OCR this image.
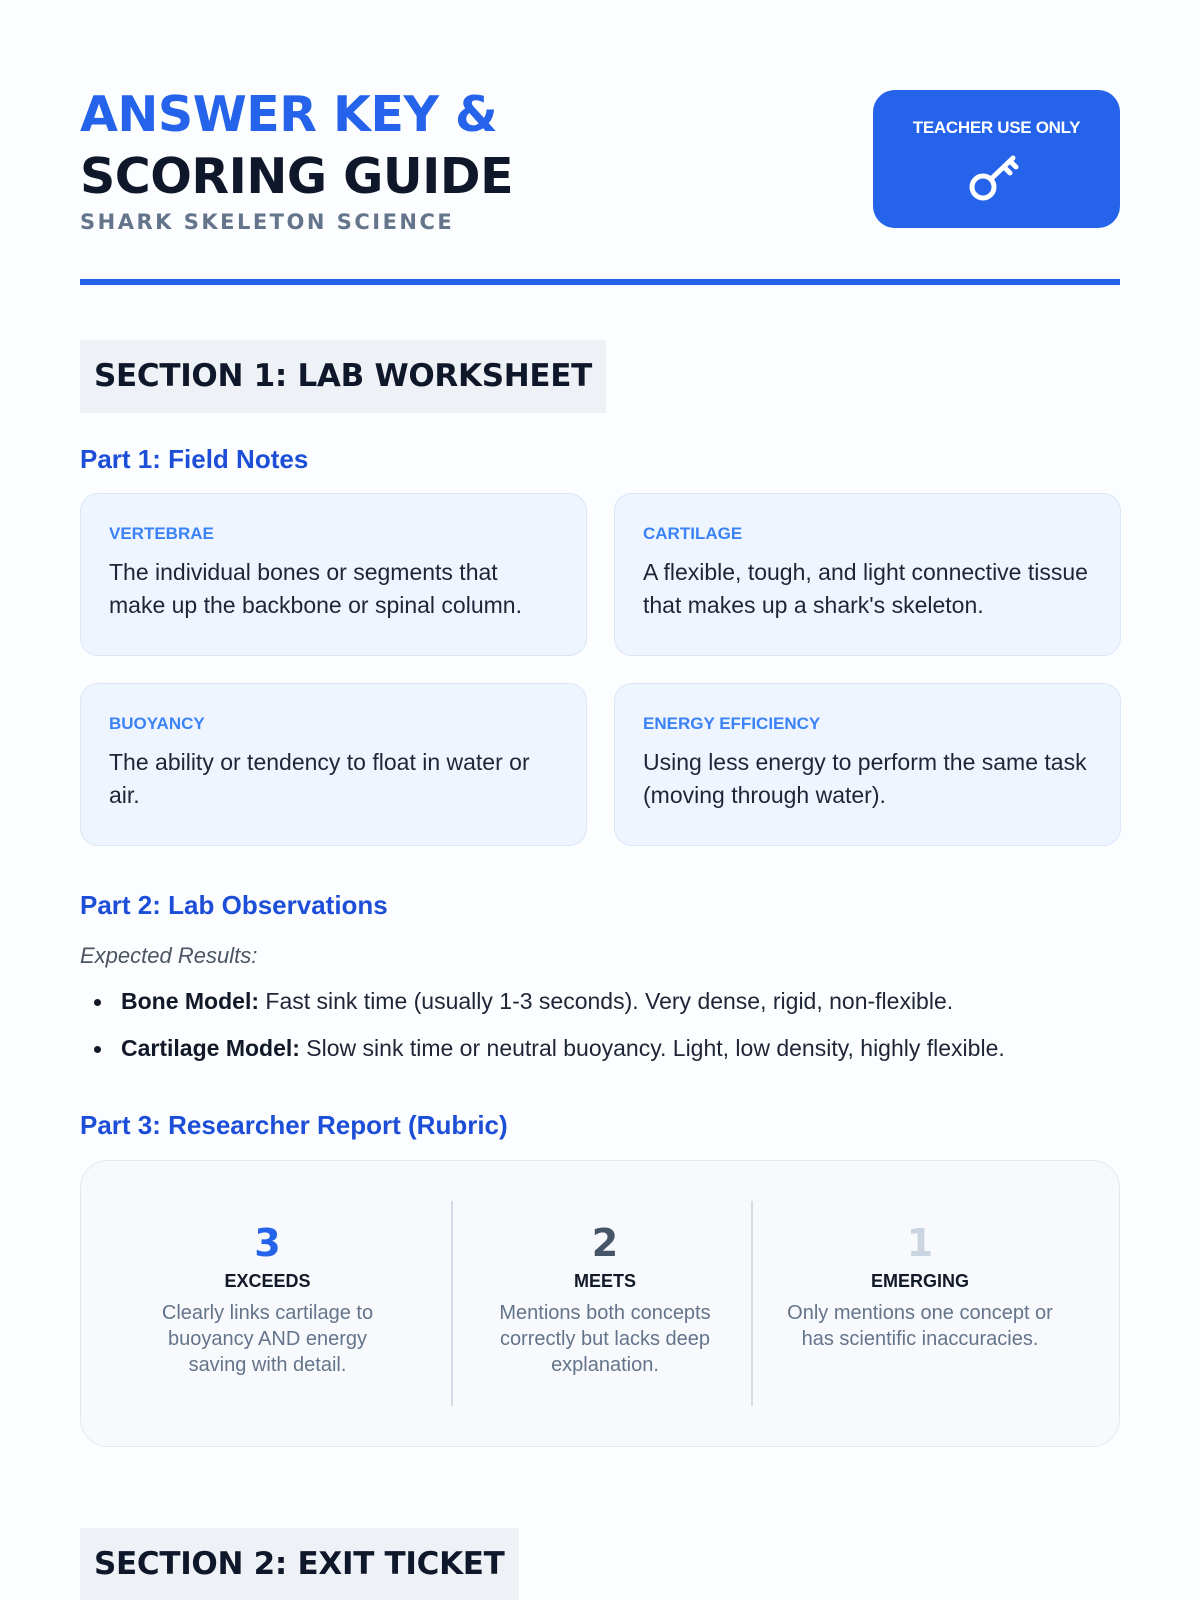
ANSWER KEY &
SCORING GUIDE
SHARK SKELETON SCIENCE
TEACHER USE ONLY
SECTION 1: LAB WORKSHEET
Part 1: Field Notes
VERTEBRAE
The individual bones or segments that make up the backbone or spinal column.
CARTILAGE
A flexible, tough, and light connective tissue that makes up a shark's skeleton.
BUOYANCY
The ability or tendency to float in water or air.
ENERGY EFFICIENCY
Using less energy to perform the same task (moving through water).
Part 2: Lab Observations
Expected Results:
Bone Model: Fast sink time (usually 1-3 seconds). Very dense, rigid, non-flexible.
Cartilage Model: Slow sink time or neutral buoyancy. Light, low density, highly flexible.
Part 3: Researcher Report (Rubric)
3
EXCEEDS
Clearly links cartilage to buoyancy AND energy saving with detail.
2
MEETS
Mentions both concepts correctly but lacks deep explanation.
1
EMERGING
Only mentions one concept or has scientific inaccuracies.
SECTION 2: EXIT TICKET
